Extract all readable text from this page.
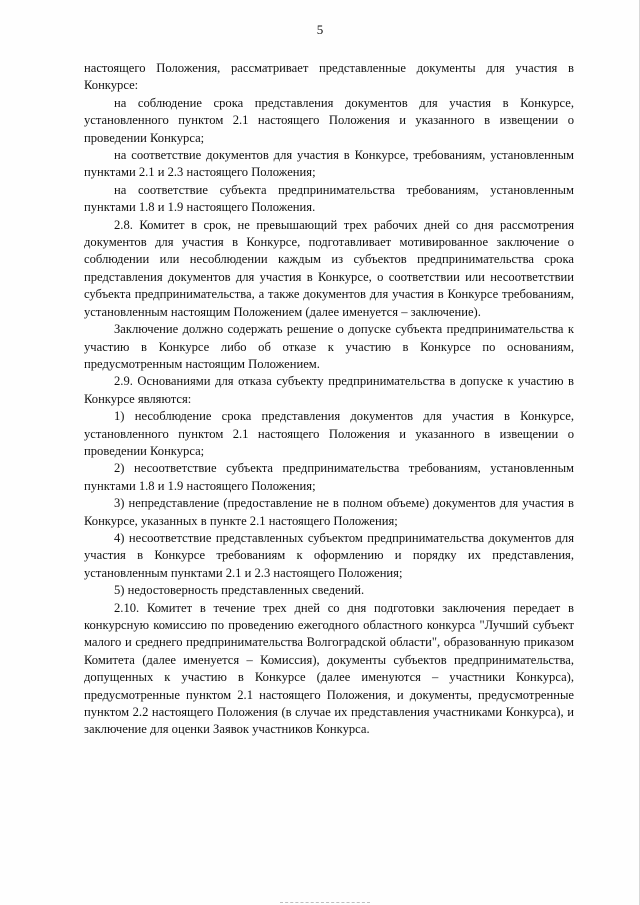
5

настоящего Положения, рассматривает представленные документы для участия в Конкурсе:

на соблюдение срока представления документов для участия в Конкурсе, установленного пунктом 2.1 настоящего Положения и указанного в извещении о проведении Конкурса;

на соответствие документов для участия в Конкурсе, требованиям, установленным пунктами 2.1 и 2.3 настоящего Положения;

на соответствие субъекта предпринимательства требованиям, установленным пунктами 1.8 и 1.9 настоящего Положения.

2.8. Комитет в срок, не превышающий трех рабочих дней со дня рассмотрения документов для участия в Конкурсе, подготавливает мотивированное заключение о соблюдении или несоблюдении каждым из субъектов предпринимательства срока представления документов для участия в Конкурсе, о соответствии или несоответствии субъекта предпринимательства, а также документов для участия в Конкурсе требованиям, установленным настоящим Положением (далее именуется – заключение).

Заключение должно содержать решение о допуске субъекта предпринимательства к участию в Конкурсе либо об отказе к участию в Конкурсе по основаниям, предусмотренным настоящим Положением.

2.9. Основаниями для отказа субъекту предпринимательства в допуске к участию в Конкурсе являются:

1) несоблюдение срока представления документов для участия в Конкурсе, установленного пунктом 2.1 настоящего Положения и указанного в извещении о проведении Конкурса;

2) несоответствие субъекта предпринимательства требованиям, установленным пунктами 1.8 и 1.9 настоящего Положения;

3) непредставление (предоставление не в полном объеме) документов для участия в Конкурсе, указанных в пункте 2.1 настоящего Положения;

4) несоответствие представленных субъектом предпринимательства документов для участия в Конкурсе требованиям к оформлению и порядку их представления, установленным пунктами 2.1 и 2.3 настоящего Положения;

5) недостоверность представленных сведений.

2.10. Комитет в течение трех дней со дня подготовки заключения передает в конкурсную комиссию по проведению ежегодного областного конкурса "Лучший субъект малого и среднего предпринимательства Волгоградской области", образованную приказом Комитета (далее именуется – Комиссия), документы субъектов предпринимательства, допущенных к участию в Конкурсе (далее именуются – участники Конкурса), предусмотренные пунктом 2.1 настоящего Положения, и документы, предусмотренные пунктом 2.2 настоящего Положения (в случае их представления участниками Конкурса), и заключение для оценки Заявок участников Конкурса.
